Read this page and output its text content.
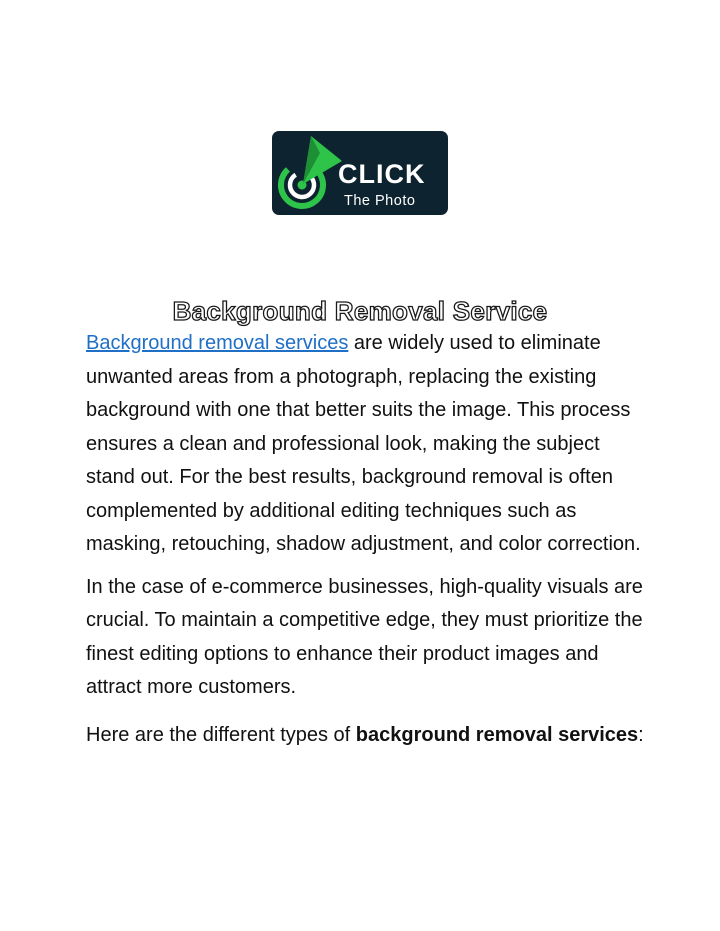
CLICK
The Photo
Background Removal Service

Background removal services are widely used to eliminate unwanted areas from a photograph, replacing the existing background with one that better suits the image. This process ensures a clean and professional look, making the subject stand out. For the best results, background removal is often complemented by additional editing techniques such as masking, retouching, shadow adjustment, and color correction.

In the case of e-commerce businesses, high-quality visuals are crucial. To maintain a competitive edge, they must prioritize the finest editing options to enhance their product images and attract more customers.

Here are the different types of background removal services:
